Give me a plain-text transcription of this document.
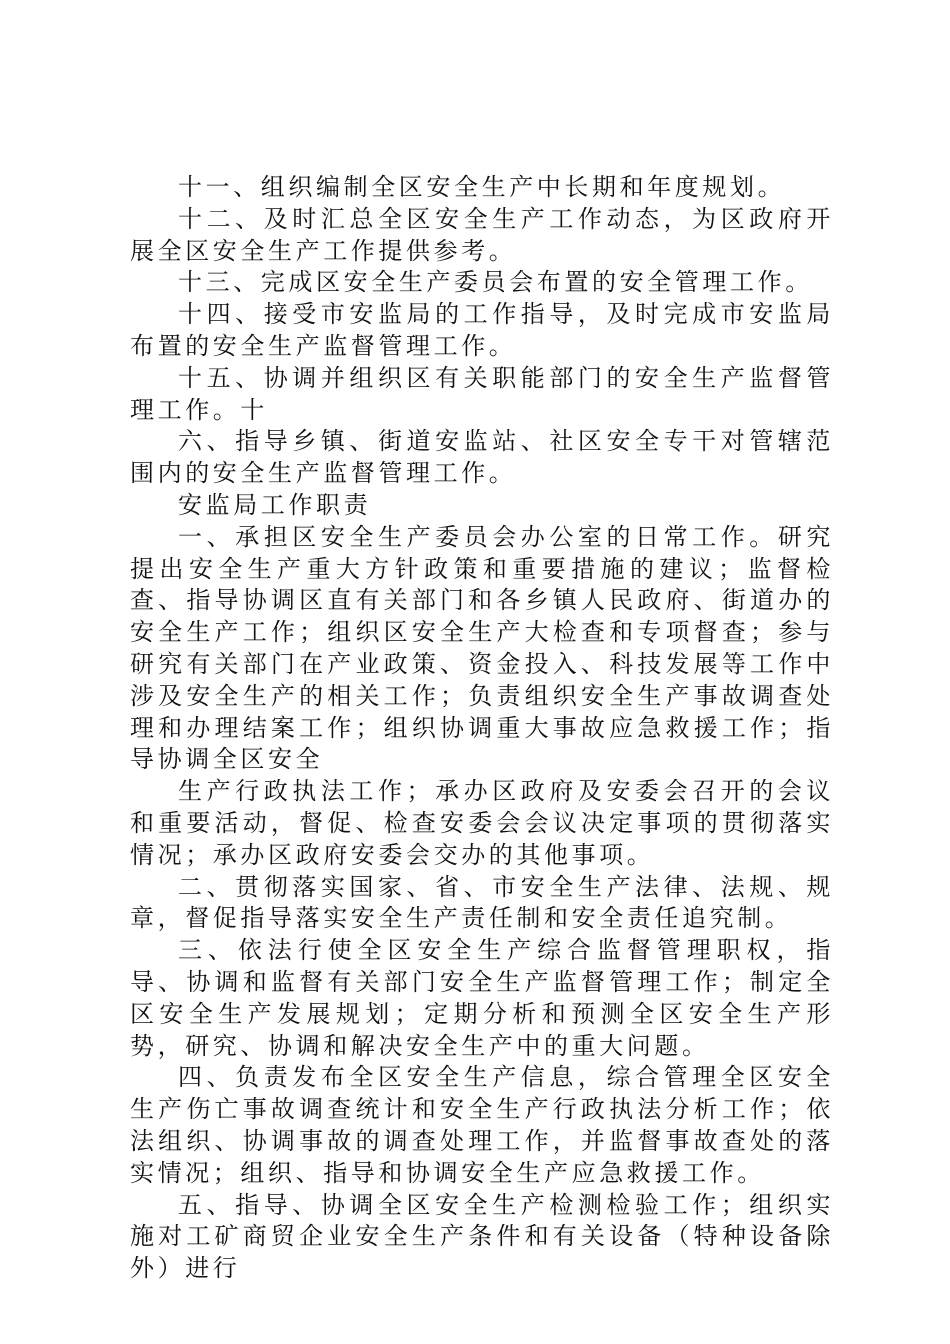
十一、组织编制全区安全生产中长期和年度规划。

十二、及时汇总全区安全生产工作动态，为区政府开展全区安全生产工作提供参考。

十三、完成区安全生产委员会布置的安全管理工作。

十四、接受市安监局的工作指导，及时完成市安监局布置的安全生产监督管理工作。

十五、协调并组织区有关职能部门的安全生产监督管理工作。十

六、指导乡镇、街道安监站、社区安全专干对管辖范围内的安全生产监督管理工作。

安监局工作职责

一、承担区安全生产委员会办公室的日常工作。研究提出安全生产重大方针政策和重要措施的建议；监督检查、指导协调区直有关部门和各乡镇人民政府、街道办的安全生产工作；组织区安全生产大检查和专项督查；参与研究有关部门在产业政策、资金投入、科技发展等工作中涉及安全生产的相关工作；负责组织安全生产事故调查处理和办理结案工作；组织协调重大事故应急救援工作；指导协调全区安全

生产行政执法工作；承办区政府及安委会召开的会议和重要活动，督促、检查安委会会议决定事项的贯彻落实情况；承办区政府安委会交办的其他事项。

二、贯彻落实国家、省、市安全生产法律、法规、规章，督促指导落实安全生产责任制和安全责任追究制。

三、依法行使全区安全生产综合监督管理职权，指导、协调和监督有关部门安全生产监督管理工作；制定全区安全生产发展规划；定期分析和预测全区安全生产形势，研究、协调和解决安全生产中的重大问题。

四、负责发布全区安全生产信息，综合管理全区安全生产伤亡事故调查统计和安全生产行政执法分析工作；依法组织、协调事故的调查处理工作，并监督事故查处的落实情况；组织、指导和协调安全生产应急救援工作。

五、指导、协调全区安全生产检测检验工作；组织实施对工矿商贸企业安全生产条件和有关设备（特种设备除外）进行
